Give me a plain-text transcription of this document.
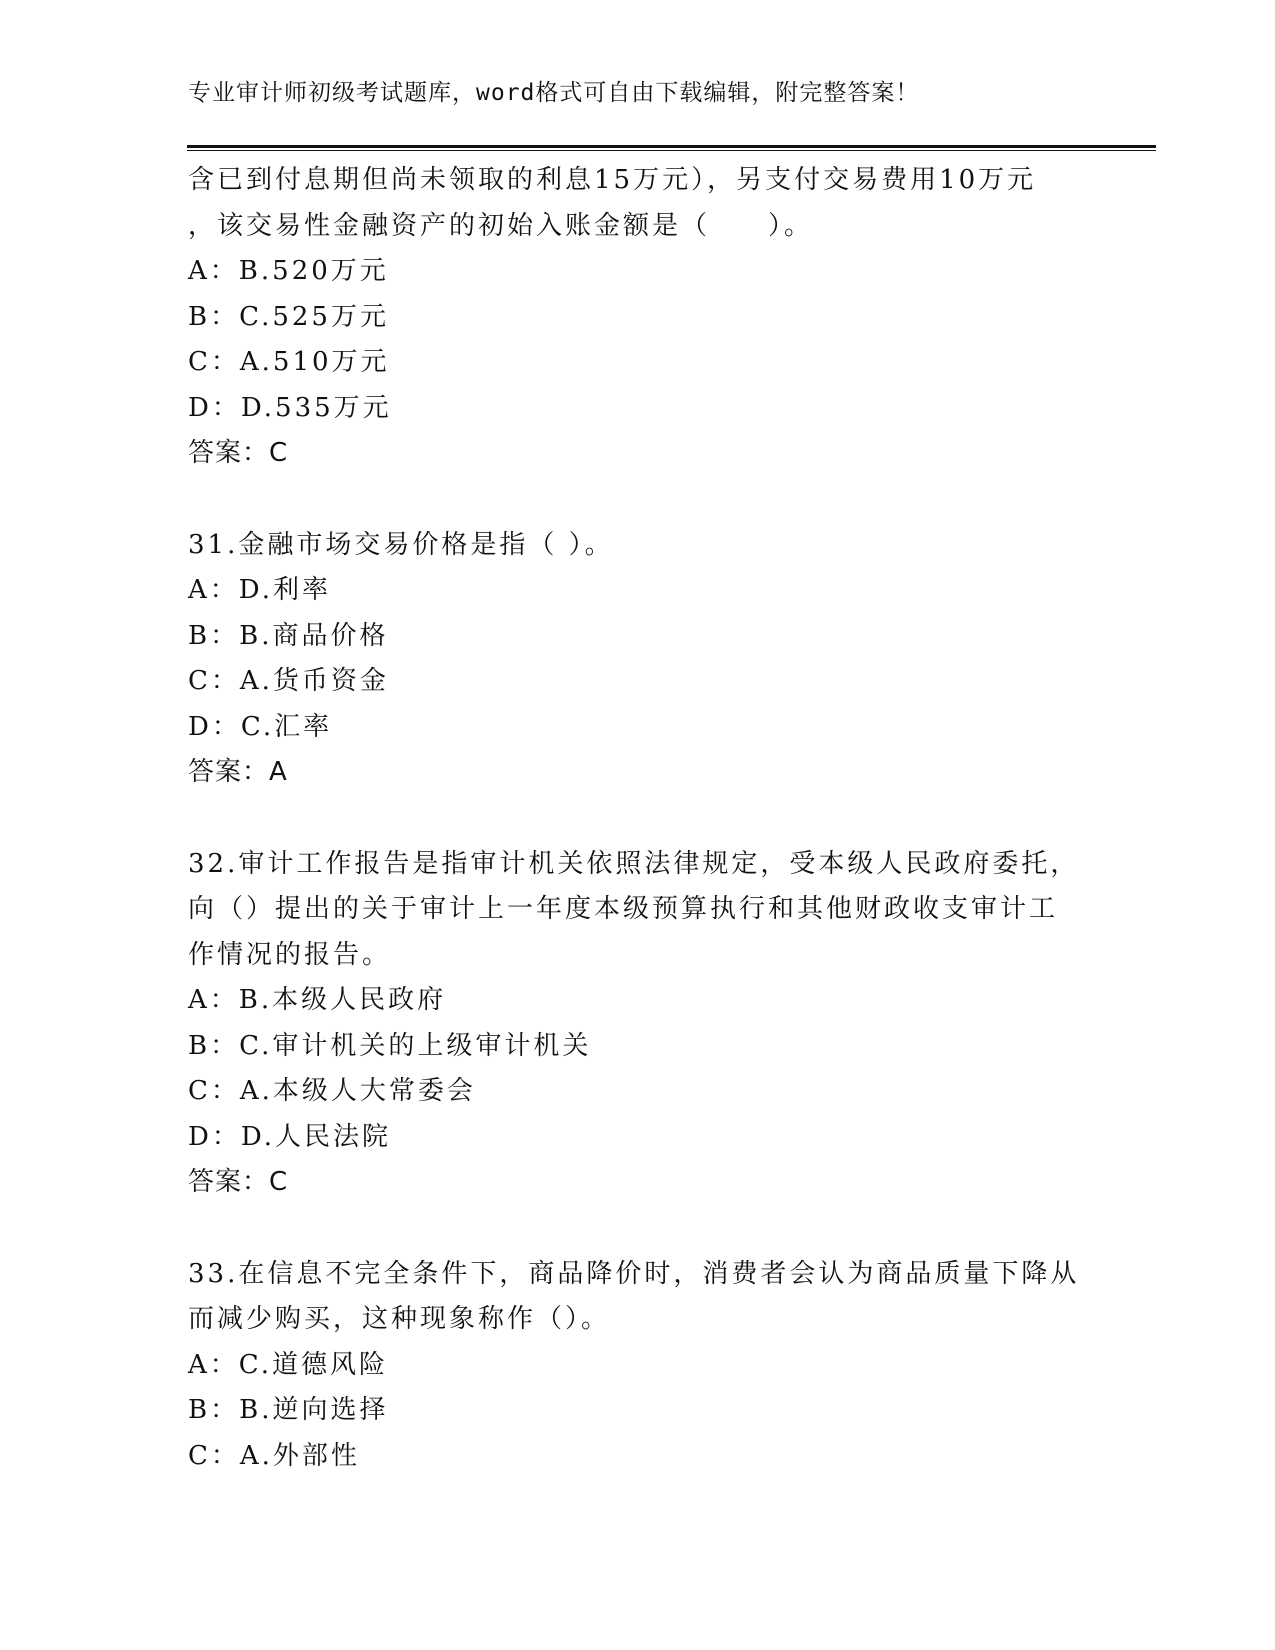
专业审计师初级考试题库，word格式可自由下载编辑，附完整答案！
含已到付息期但尚未领取的利息15万元），另支付交易费用10万元
，该交易性金融资产的初始入账金额是（　　）。
A：B.520万元
B：C.525万元
C：A.510万元
D：D.535万元
答案：C
31.金融市场交易价格是指（ ）。
A：D.利率
B：B.商品价格
C：A.货币资金
D：C.汇率
答案：A
32.审计工作报告是指审计机关依照法律规定，受本级人民政府委托，
向（）提出的关于审计上一年度本级预算执行和其他财政收支审计工
作情况的报告。
A：B.本级人民政府
B：C.审计机关的上级审计机关
C：A.本级人大常委会
D：D.人民法院
答案：C
33.在信息不完全条件下，商品降价时，消费者会认为商品质量下降从
而减少购买，这种现象称作（）。
A：C.道德风险
B：B.逆向选择
C：A.外部性
